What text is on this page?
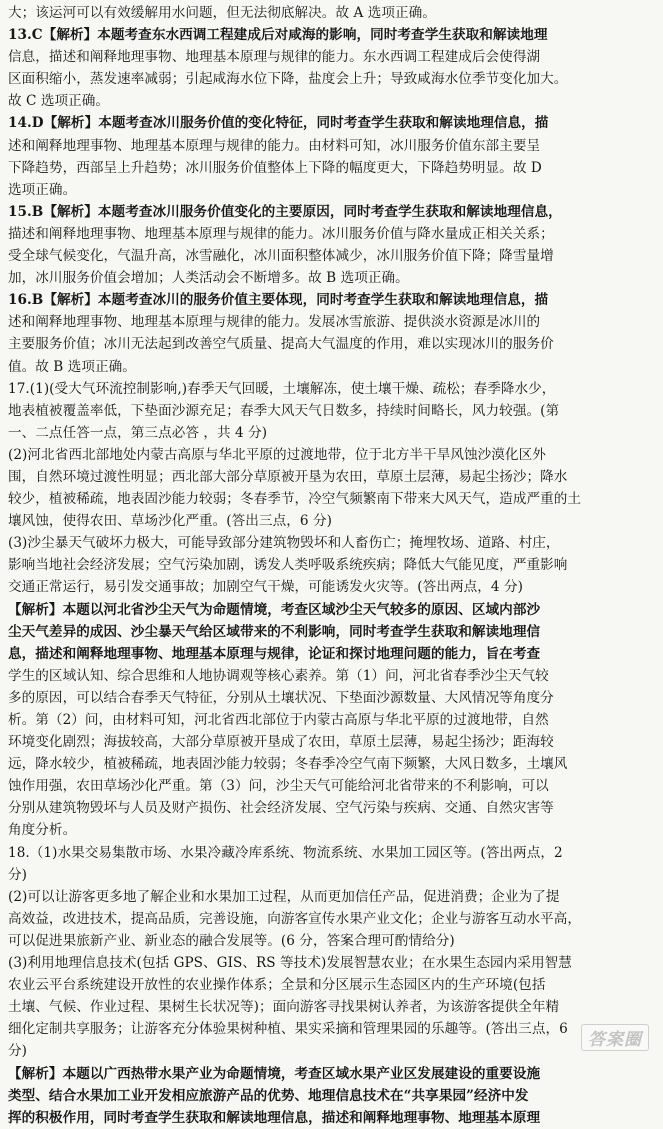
大；该运河可以有效缓解用水问题，但无法彻底解决。故 A 选项正确。
13.C【解析】本题考查东水西调工程建成后对咸海的影响，同时考查学生获取和解读地理
信息，描述和阐释地理事物、地理基本原理与规律的能力。东水西调工程建成后会使得湖
区面积缩小，蒸发速率减弱；引起咸海水位下降，盐度会上升；导致咸海水位季节变化加大。
故 C 选项正确。
14.D【解析】本题考查冰川服务价值的变化特征，同时考查学生获取和解读地理信息，描
述和阐释地理事物、地理基本原理与规律的能力。由材料可知，冰川服务价值东部主要呈
下降趋势，西部呈上升趋势；冰川服务价值整体上下降的幅度更大，下降趋势明显。故 D
选项正确。
15.B【解析】本题考查冰川服务价值变化的主要原因，同时考查学生获取和解读地理信息，
描述和阐释地理事物、地理基本原理与规律的能力。冰川服务价值与降水量成正相关关系；
受全球气候变化，气温升高，冰雪融化，冰川面积整体减少，冰川服务价值下降；降雪量增
加，冰川服务价值会增加；人类活动会不断增多。故 B 选项正确。
16.B【解析】本题考查冰川的服务价值主要体现，同时考查学生获取和解读地理信息，描
述和阐释地理事物、地理基本原理与规律的能力。发展冰雪旅游、提供淡水资源是冰川的
主要服务价值；冰川无法起到改善空气质量、提高大气温度的作用，难以实现冰川的服务价
值。故 B 选项正确。
17.(1)(受大气环流控制影响,)春季天气回暖，土壤解冻，使土壤干燥、疏松；春季降水少，
地表植被覆盖率低，下垫面沙源充足；春季大风天气日数多，持续时间略长，风力较强。(第
一、二点任答一点，第三点必答 ，共 4 分)
(2)河北省西北部地处内蒙古高原与华北平原的过渡地带，位于北方半干旱风蚀沙漠化区外
围，自然环境过渡性明显；西北部大部分草原被开垦为农田，草原土层薄，易起尘扬沙；降水
较少，植被稀疏，地表固沙能力较弱；冬春季节，冷空气频繁南下带来大风天气，造成严重的土
壤风蚀，使得农田、草场沙化严重。(答出三点，6 分)
(3)沙尘暴天气破坏力极大，可能导致部分建筑物毁坏和人畜伤亡；掩埋牧场、道路、村庄，
影响当地社会经济发展；空气污染加剧，诱发人类呼吸系统疾病；降低大气能见度，严重影响
交通正常运行，易引发交通事故；加剧空气干燥，可能诱发火灾等。(答出两点，4 分)
【解析】本题以河北省沙尘天气为命题情境，考查区域沙尘天气较多的原因、区域内部沙
尘天气差异的成因、沙尘暴天气给区域带来的不利影响，同时考查学生获取和解读地理信
息，描述和阐释地理事物、地理基本原理与规律，论证和探讨地理问题的能力，旨在考查
学生的区域认知、综合思维和人地协调观等核心素养。第（1）问，河北省春季沙尘天气较
多的原因，可以结合春季天气特征，分别从土壤状况、下垫面沙源数量、大风情况等角度分
析。第（2）问，由材料可知，河北省西北部位于内蒙古高原与华北平原的过渡地带，自然
环境变化剧烈；海拔较高，大部分草原被开垦成了农田，草原土层薄，易起尘扬沙；距海较
远，降水较少，植被稀疏，地表固沙能力较弱；冬春季冷空气南下频繁，大风日数多，土壤风
蚀作用强，农田草场沙化严重。第（3）问，沙尘天气可能给河北省带来的不利影响，可以
分别从建筑物毁坏与人员及财产损伤、社会经济发展、空气污染与疾病、交通、自然灾害等
角度分析。
18.（1)水果交易集散市场、水果冷藏冷库系统、物流系统、水果加工园区等。(答出两点，2
分)
(2)可以让游客更多地了解企业和水果加工过程，从而更加信任产品，促进消费；企业为了提
高效益，改进技术，提高品质，完善设施，向游客宣传水果产业文化；企业与游客互动水平高，
可以促进果旅新产业、新业态的融合发展等。(6 分，答案合理可酌情给分)
(3)利用地理信息技术(包括 GPS、GIS、RS 等技术)发展智慧农业；在水果生态园内采用智慧
农业云平台系统建设开放性的农业操作体系；全景和分区展示生态园区内的生产环境(包括
土壤、气候、作业过程、果树生长状况等)；面向游客寻找果树认养者，为该游客提供全年精
细化定制共享服务；让游客充分体验果树种植、果实采摘和管理果园的乐趣等。(答出三点，6
分)
【解析】本题以广西热带水果产业为命题情境，考查区域水果产业区发展建设的重要设施
类型、结合水果加工业开发相应旅游产品的优势、地理信息技术在“共享果园”经济中发
挥的积极作用，同时考查学生获取和解读地理信息，描述和阐释地理事物、地理基本原理
答案圈
